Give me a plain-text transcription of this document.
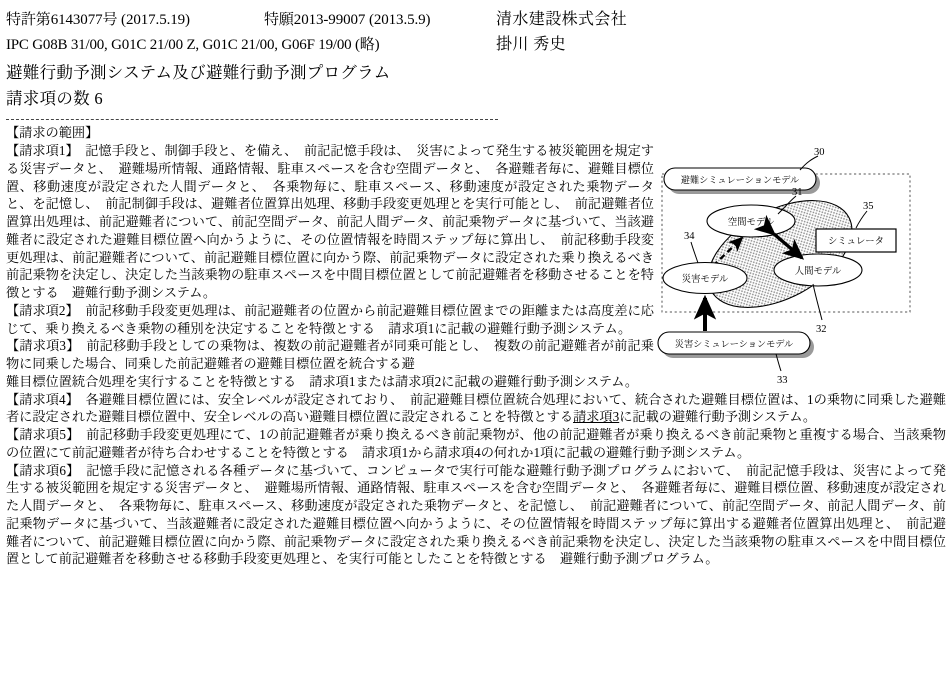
特許第6143077号 (2017.5.19)	特願2013-99007 (2013.5.9)	清水建設株式会社
IPC G08B 31/00, G01C 21/00 Z, G01C 21/00, G06F 19/00 (略)	掛川 秀史
避難行動予測システム及び避難行動予測プログラム
請求項の数 6
【請求の範囲】
【請求項1】　記憶手段と、制御手段と、を備え、　前記記憶手段は、　災害によって発生する被災範囲を規定する災害データと、　避難場所情報、通路情報、駐車スペースを含む空間データと、　各避難者毎に、避難目標位置、移動速度が設定された人間データと、　各乗物毎に、駐車スペース、移動速度が設定された乗物データと、を記憶し、　前記制御手段は、避難者位置算出処理、移動手段変更処理とを実行可能とし、　前記避難者位置算出処理は、前記避難者について、前記空間データ、前記人間データ、前記乗物データに基づいて、当該避難者に設定された避難目標位置へ向かうように、その位置情報を時間ステップ毎に算出し、　前記移動手段変更処理は、前記避難者について、前記避難目標位置に向かう際、前記乗物データに設定された乗り換えるべき前記乗物を決定し、決定した当該乗物の駐車スペースを中間目標位置として前記避難者を移動させることを特徴とする　避難行動予測システム。
【請求項2】　前記移動手段変更処理は、前記避難者の位置から前記避難目標位置までの距離または高度差に応じて、乗り換えるべき乗物の種別を決定することを特徴とする　請求項1に記載の避難行動予測システム。
【請求項3】　前記移動手段としての乗物は、複数の前記避難者が同乗可能とし、　複数の前記避難者が前記乗物に同乗した場合、同乗した前記避難者の避難目標位置を統合する避
難目標位置統合処理を実行することを特徴とする　請求項1または請求項2に記載の避難行動予測システム。
【請求項4】　各避難目標位置には、安全レベルが設定されており、　前記避難目標位置統合処理において、統合された避難目標位置は、1の乗物に同乗した避難者に設定された避難目標位置中、安全レベルの高い避難目標位置に設定されることを特徴とする請求項3に記載の避難行動予測システム。
【請求項5】　前記移動手段変更処理にて、1の前記避難者が乗り換えるべき前記乗物が、他の前記避難者が乗り換えるべき前記乗物と重複する場合、当該乗物の位置にて前記避難者が待ち合わせすることを特徴とする　請求項1から請求項4の何れか1項に記載の避難行動予測システム。
【請求項6】　記憶手段に記憶される各種データに基づいて、コンピュータで実行可能な避難行動予測プログラムにおいて、　前記記憶手段は、災害によって発生する被災範囲を規定する災害データと、　避難場所情報、通路情報、駐車スペースを含む空間データと、　各避難者毎に、避難目標位置、移動速度が設定された人間データと、　各乗物毎に、駐車スペース、移動速度が設定された乗物データと、を記憶し、　前記避難者について、前記空間データ、前記人間データ、前記乗物データに基づいて、当該避難者に設定された避難目標位置へ向かうように、その位置情報を時間ステップ毎に算出する避難者位置算出処理と、　前記避難者について、前記避難目標位置に向かう際、前記乗物データに設定された乗り換えるべき前記乗物を決定し、決定した当該乗物の駐車スペースを中間目標位置として前記避難者を移動させる移動手段変更処理と、を実行可能としたことを特徴とする　避難行動予測プログラム。
避難シミュレーションモデル
30
空間モデル
31
人間モデル
32
シミュレータ
35
災害モデル
34
災害シミュレーションモデル
33
